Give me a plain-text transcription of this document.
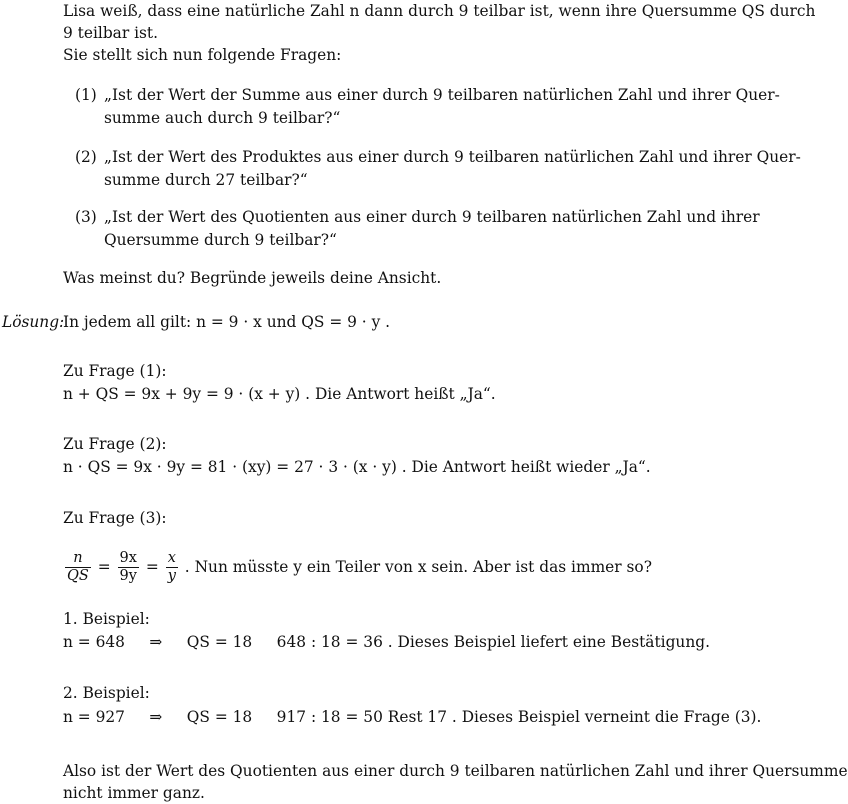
Lisa weiß, dass eine natürliche Zahl n dann durch 9 teilbar ist, wenn ihre Quersumme QS durch
9 teilbar ist.
Sie stellt sich nun folgende Fragen:
(1) „Ist der Wert der Summe aus einer durch 9 teilbaren natürlichen Zahl und ihrer Quer-
summe auch durch 9 teilbar?“
(2) „Ist der Wert des Produktes aus einer durch 9 teilbaren natürlichen Zahl und ihrer Quer-
summe durch 27 teilbar?“
(3) „Ist der Wert des Quotienten aus einer durch 9 teilbaren natürlichen Zahl und ihrer
Quersumme durch 9 teilbar?“
Was meinst du? Begründe jeweils deine Ansicht.
Lösung:
In jedem all gilt: n = 9 · x und QS = 9 · y .
Zu Frage (1):
n + QS = 9x + 9y = 9 · (x + y) . Die Antwort heißt „Ja“.
Zu Frage (2):
n · QS = 9x · 9y = 81 · (xy) = 27 · 3 · (x · y) . Die Antwort heißt wieder „Ja“.
Zu Frage (3):
$\frac{n}{QS} = \frac{9x}{9y} = \frac{x}{y}$ . Nun müsste y ein Teiler von x sein. Aber ist das immer so?
1. Beispiel:
n = 648     ⇒     QS = 18     648 : 18 = 36 . Dieses Beispiel liefert eine Bestätigung.
2. Beispiel:
n = 927     ⇒     QS = 18     917 : 18 = 50 Rest 17 . Dieses Beispiel verneint die Frage (3).
Also ist der Wert des Quotienten aus einer durch 9 teilbaren natürlichen Zahl und ihrer Quersumme
nicht immer ganz.
